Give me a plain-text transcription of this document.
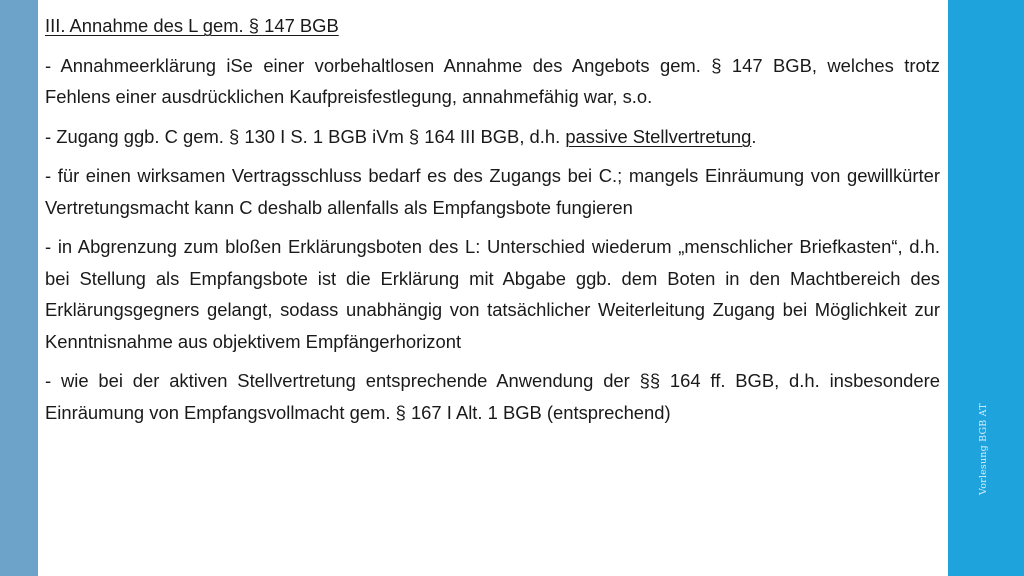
III. Annahme des L gem. § 147 BGB

- Annahmeerklärung iSe einer vorbehaltlosen Annahme des Angebots gem. § 147 BGB, welches trotz Fehlens einer ausdrücklichen Kaufpreisfestlegung, annahmefähig war, s.o.

- Zugang ggb. C gem. § 130 I S. 1 BGB iVm § 164 III BGB, d.h. passive Stellvertretung.

- für einen wirksamen Vertragsschluss bedarf es des Zugangs bei C.; mangels Einräumung von gewillkürter Vertretungsmacht kann C deshalb allenfalls als Empfangsbote fungieren

- in Abgrenzung zum bloßen Erklärungsboten des L: Unterschied wiederum „menschlicher Briefkasten“, d.h. bei Stellung als Empfangsbote ist die Erklärung mit Abgabe ggb. dem Boten in den Machtbereich des Erklärungsgegners gelangt, sodass unabhängig von tatsächlicher Weiterleitung Zugang bei Möglichkeit zur Kenntnisnahme aus objektivem Empfängerhorizont

- wie bei der aktiven Stellvertretung entsprechende Anwendung der §§ 164 ff. BGB, d.h. insbesondere Einräumung von Empfangsvollmacht gem. § 167 I Alt. 1 BGB (entsprechend)	Vorlesung BGB AT
